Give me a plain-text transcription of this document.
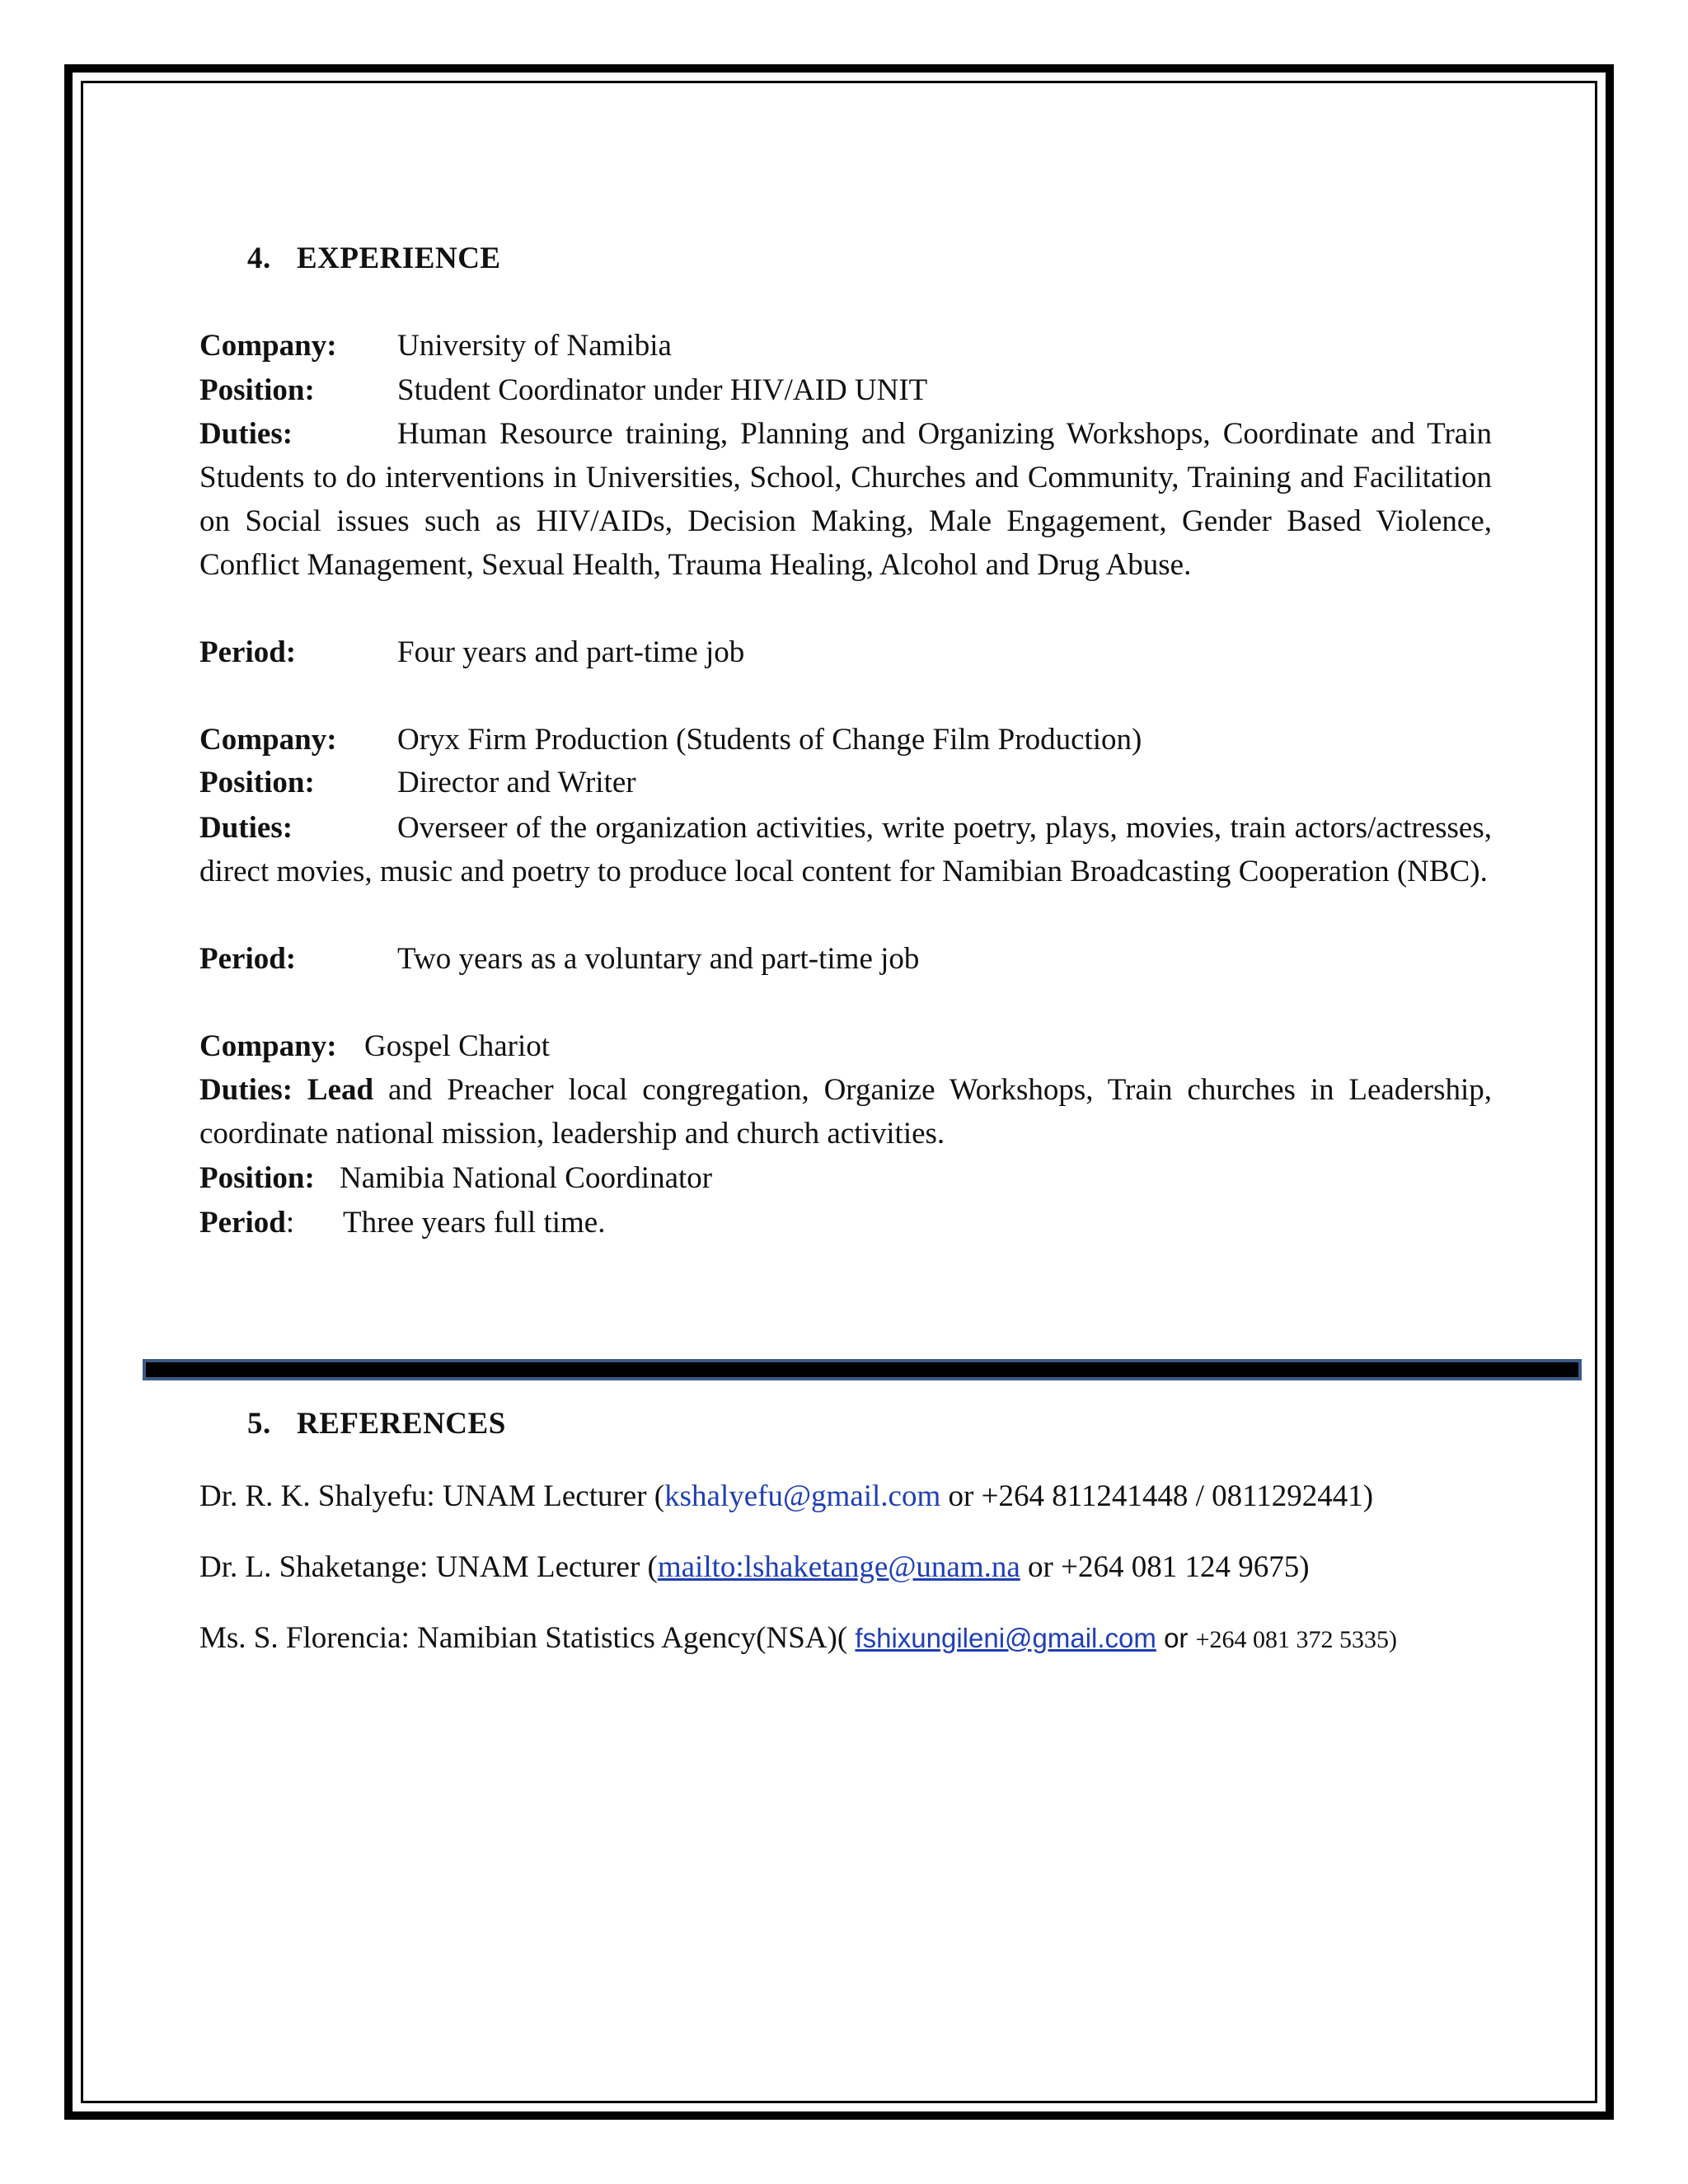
4. EXPERIENCE
Company: University of Namibia
Position:	Student Coordinator under HIV/AID UNIT
Duties:	Human Resource training, Planning and Organizing Workshops, Coordinate and Train Students to do interventions in Universities, School, Churches and Community, Training and Facilitation on Social issues such as HIV/AIDs, Decision Making, Male Engagement, Gender Based Violence, Conflict Management, Sexual Health, Trauma Healing, Alcohol and Drug Abuse.
Period:	Four years and part-time job
Company: Oryx Firm Production (Students of Change Film Production)
Position:	Director and Writer
Duties:	Overseer of the organization activities, write poetry, plays, movies, train actors/actresses, direct movies, music and poetry to produce local content for Namibian Broadcasting Cooperation (NBC).
Period:	Two years as a voluntary and part-time job
Company: Gospel Chariot
Duties: Lead and Preacher local congregation, Organize Workshops, Train churches in Leadership, coordinate national mission, leadership and church activities.
Position: Namibia National Coordinator
Period: Three years full time.
5. REFERENCES
Dr. R. K. Shalyefu: UNAM Lecturer (kshalyefu@gmail.com or +264 811241448 / 0811292441)
Dr. L. Shaketange: UNAM Lecturer (mailto:lshaketange@unam.na or +264 081 124 9675)
Ms. S. Florencia: Namibian Statistics Agency(NSA)( fshixungileni@gmail.com or +264 081 372 5335)
